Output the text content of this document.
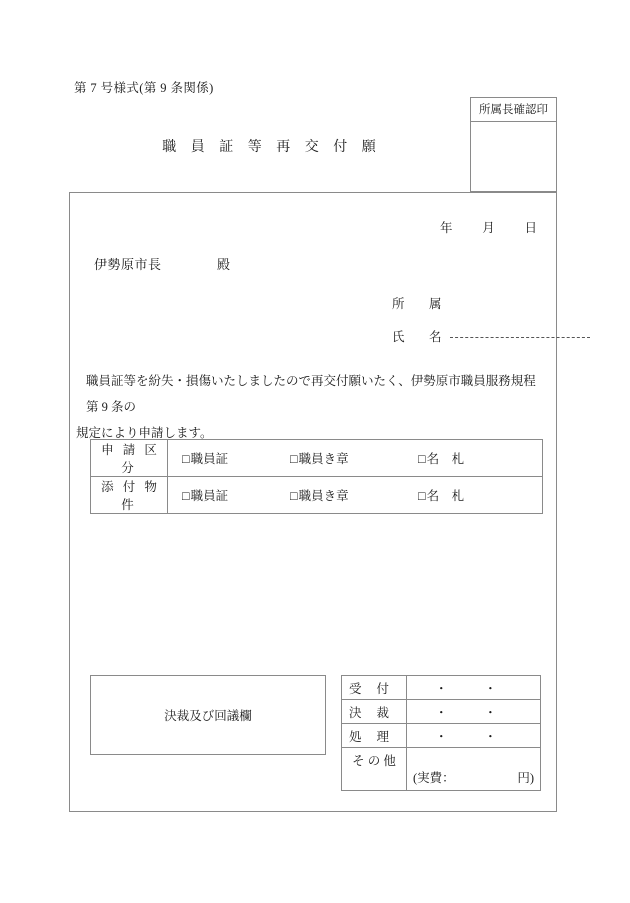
第 7 号様式(第 9 条関係)
所属長確認印
職 員 証 等 再 交 付 願
年 月 日
伊勢原市長	殿
所　属
氏　名
職員証等を紛失・損傷いたしましたので再交付願いたく、伊勢原市職員服務規程第 9 条の
規定により申請します。
申 請 区 分	□職員証 □職員き章 □名　札
添 付 物 件	□職員証 □職員き章 □名　札
決裁及び回議欄
受 付	・ ・

決 裁	・ ・

処 理	・ ・

そ の 他	(実費： 円)
